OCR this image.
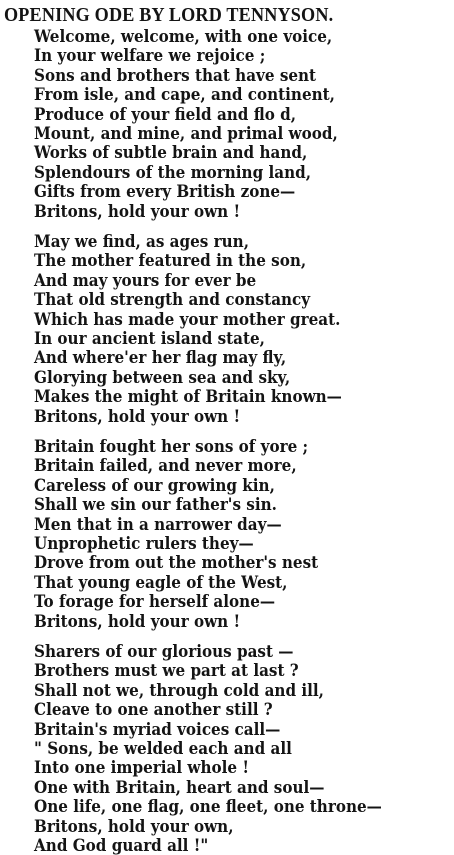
OPENING ODE BY LORD TENNYSON.
Welcome, welcome, with one voice,
In your welfare we rejoice ;
Sons and brothers that have sent
From isle, and cape, and continent,
Produce of your field and flo d,
Mount, and mine, and primal wood,
Works of subtle brain and hand,
Splendours of the morning land,
Gifts from every British zone—
Britons, hold your own !
May we find, as ages run,
The mother featured in the son,
And may yours for ever be
That old strength and constancy
Which has made your mother great.
In our ancient island state,
And where'er her flag may fly,
Glorying between sea and sky,
Makes the might of Britain known—
Britons, hold your own !
Britain fought her sons of yore ;
Britain failed, and never more,
Careless of our growing kin,
Shall we sin our father's sin.
Men that in a narrower day—
Unprophetic rulers they—
Drove from out the mother's nest
That young eagle of the West,
To forage for herself alone—
Britons, hold your own !
Sharers of our glorious past —
Brothers must we part at last ?
Shall not we, through cold and ill,
Cleave to one another still ?
Britain's myriad voices call—
" Sons, be welded each and all
Into one imperial whole !
One with Britain, heart and soul—
One life, one flag, one fleet, one throne—
Britons, hold your own,
And God guard all !"
